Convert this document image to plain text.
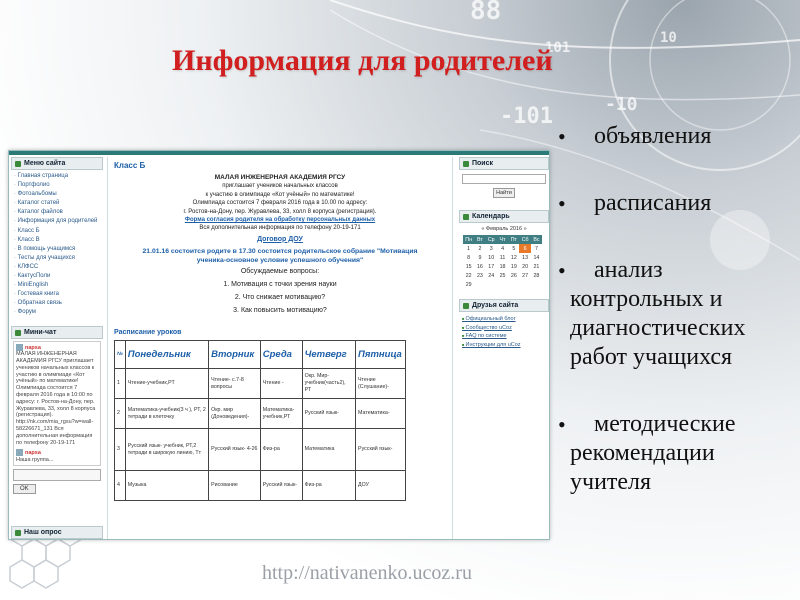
88
-101	-10
101
10
Информация для родителей
Меню сайта
· Главная страница
· Портфолио
· Фотоальбомы
· Каталог статей
· Каталог файлов
· Информация для родителей
· Класс Б
· Класс В
· В помощь учащимся
· Тесты для учащихся
· КЛФСС
· КактусПоли
· MiniEnglish
· Гостевая книга
· Обратная связь
· Форум
Мини-чат
napsa
МАЛАЯ ИНЖЕНЕРНАЯ АКАДЕМИЯ РГСУ приглашает учеников начальных классов к участию в олимпиаде «Кот учёный» по математике! Олимпиада состоится 7 февраля 2016 года в 10:00 по адресу: г. Ростов-на-Дону, пер. Журавлева, 33, холл 8 корпуса (регистрация). http://nk.com/mia_rgsu?w=wall-58226671_131 Вся дополнительная информация по телефону 20-19-171
napsa
Наша группа...
OK
Наш опрос
Класс Б
МАЛАЯ ИНЖЕНЕРНАЯ АКАДЕМИЯ РГСУ
приглашает учеников начальных классов
к участию в олимпиаде «Кот учёный» по математике!
Олимпиада состоится 7 февраля 2016 года в 10.00 по адресу:
г. Ростов-на-Дону, пер. Журавлева, 33, холл 8 корпуса (регистрация).
Форма согласия родителя на обработку персональных данных
Вся дополнительная информация по телефону 20-19-171
Договор ДОУ
21.01.16 состоится родите в 17.30 состоится родительское собрание "Мотивация ученика-основное условие успешного обучения"
Обсуждаемые вопросы:
1. Мотивация с точки зрения науки
2. Что снижает мотивацию?
3. Как повысить мотивацию?
Расписание уроков
№	Понедельник	Вторник	Среда	Четверг	Пятница
1	Чтение-учебник,РТ	Чтение- с.7-8 вопросы	Чтение -	Окр. Мир- учебник(часть2), РТ	Чтение (Слушание)-
2	Математика-учебник(3 ч ), РТ, 2 тетради в клеточку	Окр. мир (Доноведения)-	Математика-учебник,РТ	Русский язык-	Математика-
3	Русский язык- учебник, РТ,2 тетради в широкую линию, Тт	Русский язык- 4-26	Физ-ра	Математика	Русский язык-
4	Музыка	Рисование	Русский язык-	Физ-ра	ДОУ
Поиск
Найти
Календарь
« Февраль 2016 »
Пн	Вт	Ср	Чт	Пт	Сб	Вс
1	2	3	4	5	6	7
8	9	10	11	12	13	14
15	16	17	18	19	20	21
22	23	24	25	26	27	28
29						
Друзья сайта
■ Официальный блог
■ Сообщество uCoz
■ FAQ по системе
■ Инструкции для uCoz
• объявления
• расписания
• анализ
контрольных и
диагностических
работ учащихся
• методические
рекомендации
учителя
http://nativanenko.ucoz.ru
